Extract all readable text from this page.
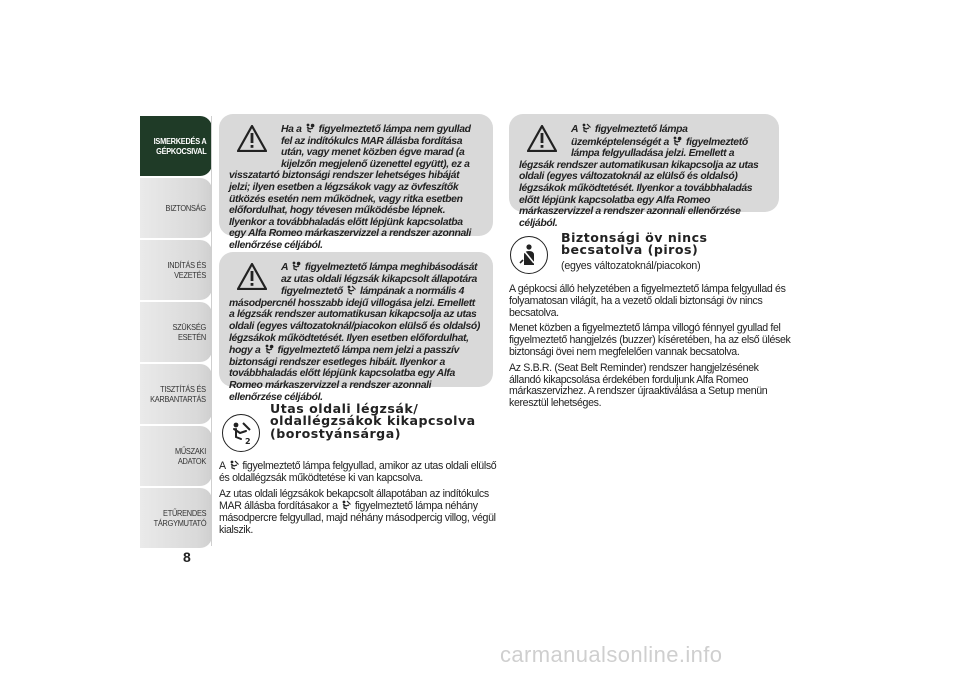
ISMERKEDÉS A
GÉPKOCSIVAL
BIZTONSÁG
INDÍTÁS ÉS VEZETÉS
SZÜKSÉG ESETÉN
TISZTÍTÁS ÉS
KARBANTARTÁS
MŰSZAKI ADATOK
ETŰRENDES
TÁRGYMUTATÓ
8
Ha a figyelmeztető lámpa nem gyullad fel az indítókulcs MAR állásba fordítása után, vagy menet közben égve marad (a kijelzőn megjelenő üzenettel együtt), ez a visszatartó biztonsági rendszer lehetséges hibáját jelzi; ilyen esetben a légzsákok vagy az övfeszítők ütközés esetén nem működnek, vagy ritka esetben előfordulhat, hogy tévesen működésbe lépnek. Ilyenkor a továbbhaladás előtt lépjünk kapcsolatba egy Alfa Romeo márkaszervizzel a rendszer azonnali ellenőrzése céljából.
A figyelmeztető lámpa meghibásodását az utas oldali légzsák kikapcsolt állapotára figyelmeztető lámpának a normális 4 másodpercnél hosszabb idejű villogása jelzi. Emellett a légzsák rendszer automatikusan kikapcsolja az utas oldali (egyes változatoknál/piacokon elülső és oldalsó) légzsákok működtetését. Ilyen esetben előfordulhat, hogy a figyelmeztető lámpa nem jelzi a passzív biztonsági rendszer esetleges hibáit. Ilyenkor a továbbhaladás előtt lépjünk kapcsolatba egy Alfa Romeo márkaszervizzel a rendszer azonnali ellenőrzése céljából.
A figyelmeztető lámpa üzemképtelenségét a figyelmeztető lámpa felgyulladása jelzi. Emellett a légzsák rendszer automatikusan kikapcsolja az utas oldali (egyes változatoknál az elülső és oldalsó) légzsákok működtetését. Ilyenkor a továbbhaladás előtt lépjünk kapcsolatba egy Alfa Romeo márkaszervizzel a rendszer azonnali ellenőrzése céljából.
2
Utas oldali légzsák/ oldallégzsákok kikapcsolva (borostyánsárga)

A figyelmeztető lámpa felgyullad, amikor az utas oldali elülső és oldallégzsák működtetése ki van kapcsolva.

Az utas oldali légzsákok bekapcsolt állapotában az indítókulcs MAR állásba fordításakor a figyelmeztető lámpa néhány másodpercre felgyullad, majd néhány másodpercig villog, végül kialszik.

Biztonsági öv nincs becsatolva (piros)
(egyes változatoknál/piacokon)

A gépkocsi álló helyzetében a figyelmeztető lámpa felgyullad és folyamatosan világít, ha a vezető oldali biztonsági öv nincs becsatolva.

Menet közben a figyelmeztető lámpa villogó fénnyel gyullad fel figyelmeztető hangjelzés (buzzer) kíséretében, ha az első ülések biztonsági övei nem megfelelően vannak becsatolva.

Az S.B.R. (Seat Belt Reminder) rendszer hangjelzésének állandó kikapcsolása érdekében forduljunk Alfa Romeo márkaszervizhez. A rendszer újraaktiválása a Setup menün keresztül lehetséges.

carmanualsonline.info
